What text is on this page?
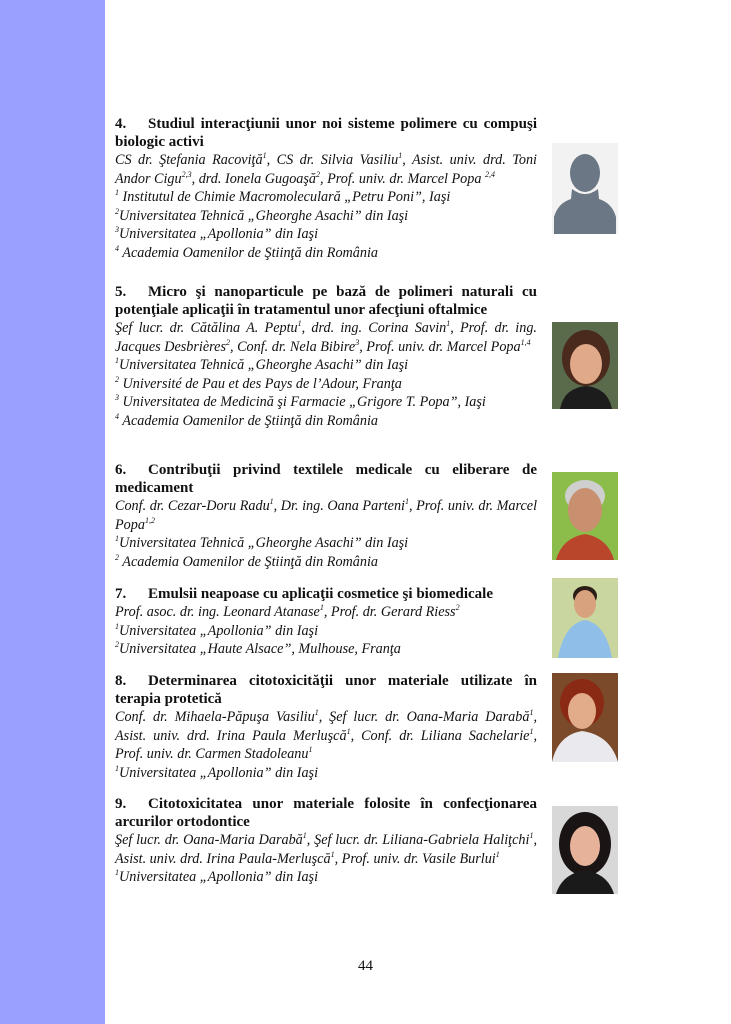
4. Studiul interacţiunii unor noi sisteme polimere cu compuşi biologic activi

CS dr. Ştefania Racoviţă$^1$, CS dr. Silvia Vasiliu$^1$, Asist. univ. drd. Toni Andor Cigu$^{2,3}$, drd. Ionela Gugoaşă$^2$, Prof. univ. dr. Marcel Popa $^{2,4}$

$^1$ Institutul de Chimie Macromoleculară „Petru Poni”, Iaşi

$^2$Universitatea Tehnică „Gheorghe Asachi” din Iaşi

$^3$Universitatea „Apollonia” din Iaşi

$^4$ Academia Oamenilor de Ştiinţă din România

5. Micro şi nanoparticule pe bază de polimeri naturali cu potenţiale aplicaţii în tratamentul unor afecţiuni oftalmice

Şef lucr. dr. Cătălina A. Peptu$^1$, drd. ing. Corina Savin$^1$, Prof. dr. ing. Jacques Desbrières$^2$, Conf. dr. Nela Bibire$^3$, Prof. univ. dr. Marcel Popa$^{1,4}$

$^1$Universitatea Tehnică „Gheorghe Asachi” din Iaşi

$^2$ Université de Pau et des Pays de l’Adour, Franţa

$^3$ Universitatea de Medicină şi Farmacie „Grigore T. Popa”, Iaşi

$^4$ Academia Oamenilor de Ştiinţă din România

6. Contribuţii privind textilele medicale cu eliberare de medicament

Conf. dr. Cezar-Doru Radu$^1$, Dr. ing. Oana Parteni$^1$, Prof. univ. dr. Marcel Popa$^{1,2}$

$^1$Universitatea Tehnică „Gheorghe Asachi” din Iaşi

$^2$ Academia Oamenilor de Ştiinţă din România

7. Emulsii neapoase cu aplicaţii cosmetice şi biomedicale

Prof. asoc. dr. ing. Leonard Atanase$^1$, Prof. dr. Gerard Riess$^2$

$^1$Universitatea „Apollonia” din Iaşi

$^2$Universitatea „Haute Alsace”, Mulhouse, Franţa

8. Determinarea citotoxicităţii unor materiale utilizate în terapia protetică

Conf. dr. Mihaela-Păpuşa Vasiliu$^1$, Şef lucr. dr. Oana-Maria Darabă$^1$, Asist. univ. drd. Irina Paula Merluşcă$^1$, Conf. dr. Liliana Sachelarie$^1$, Prof. univ. dr. Carmen Stadoleanu$^1$

$^1$Universitatea „Apollonia” din Iaşi

9. Citotoxicitatea unor materiale folosite în confecţionarea arcurilor ortodontice

Şef lucr. dr. Oana-Maria Darabă$^1$, Şef lucr. dr. Liliana-Gabriela Haliţchi$^1$, Asist. univ. drd. Irina Paula-Merluşcă$^1$, Prof. univ. dr. Vasile Burlui$^1$

$^1$Universitatea „Apollonia” din Iaşi

44
